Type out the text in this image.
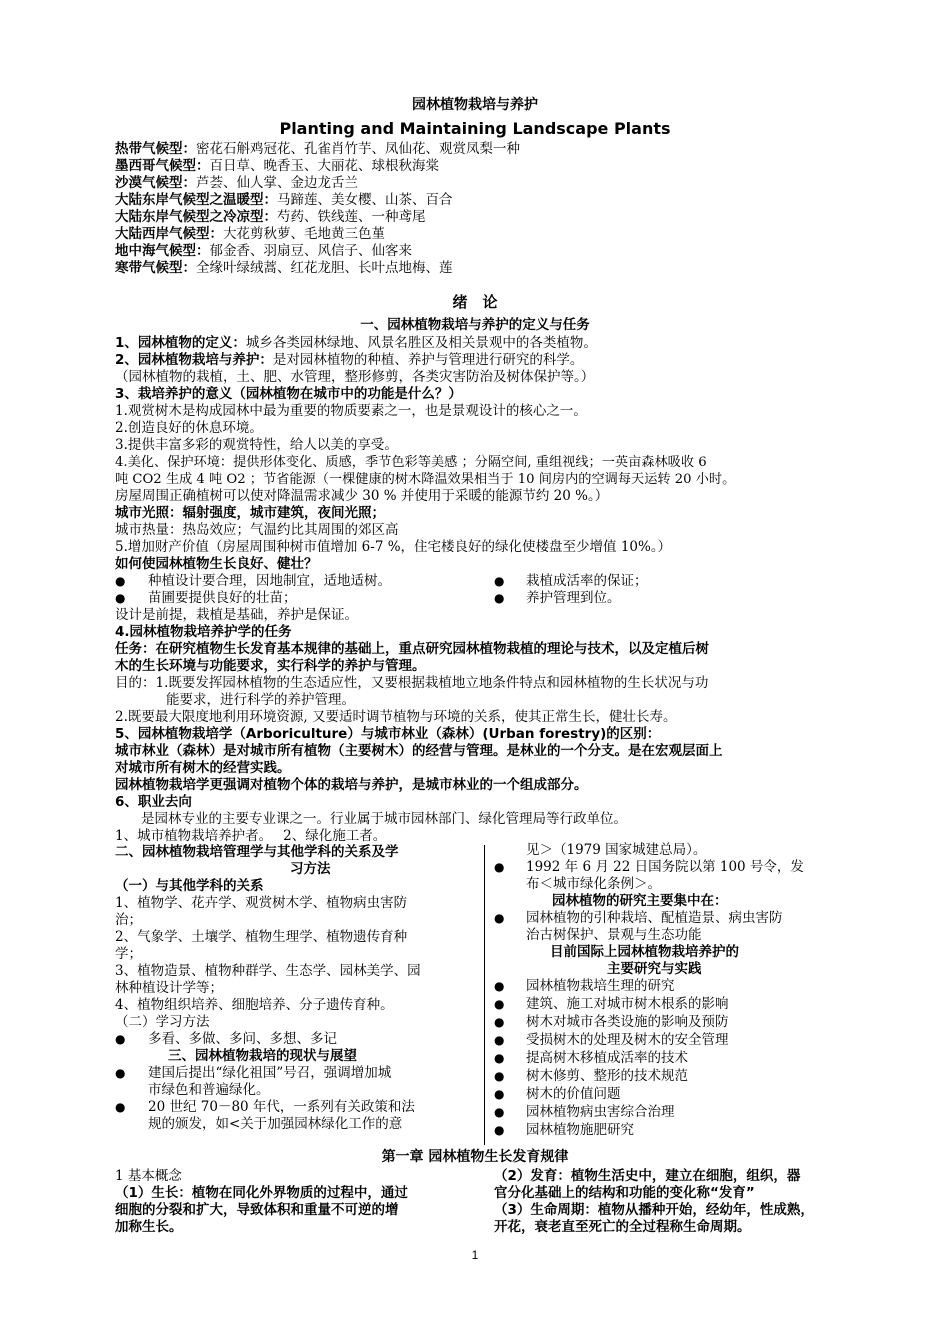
园林植物栽培与养护
Planting and Maintaining Landscape Plants
热带气候型：密花石斛鸡冠花、孔雀肖竹芋、凤仙花、观赏凤梨一种
墨西哥气候型：百日草、晚香玉、大丽花、球根秋海棠
沙漠气候型：芦荟、仙人掌、金边龙舌兰
大陆东岸气候型之温暖型：马蹄莲、美女樱、山茶、百合
大陆东岸气候型之冷凉型：芍药、铁线莲、一种鸢尾
大陆西岸气候型：大花剪秋萝、毛地黄三色堇
地中海气候型：郁金香、羽扇豆、风信子、仙客来
寒带气候型：全缘叶绿绒蒿、红花龙胆、长叶点地梅、莲
绪　论
一、园林植物栽培与养护的定义与任务
1、园林植物的定义：城乡各类园林绿地、风景名胜区及相关景观中的各类植物。
2、园林植物栽培与养护：是对园林植物的种植、养护与管理进行研究的科学。
（园林植物的栽植，土、肥、水管理，整形修剪，各类灾害防治及树体保护等。）
3、栽培养护的意义（园林植物在城市中的功能是什么？）
1.观赏树木是构成园林中最为重要的物质要素之一，也是景观设计的核心之一。
2.创造良好的休息环境。
3.提供丰富多彩的观赏特性，给人以美的享受。
4.美化、保护环境：提供形体变化、质感，季节色彩等美感 ；分隔空间, 重组视线；一英亩森林吸收 6
吨 CO2 生成 4 吨 O2 ；节省能源（一棵健康的树木降温效果相当于 10 间房内的空调每天运转 20 小时。
房屋周围正确植树可以使对降温需求减少 30 % 并使用于采暖的能源节约 20 %。）
城市光照：辐射强度，城市建筑，夜间光照；
城市热量：热岛效应；气温约比其周围的郊区高
5.增加财产价值（房屋周围种树市值增加 6-7 %，住宅楼良好的绿化使楼盘至少增值 10%。）
如何使园林植物生长良好、健壮？
● 种植设计要合理，因地制宜，适地适树。	● 栽植成活率的保证；
● 苗圃要提供良好的壮苗；	● 养护管理到位。
设计是前提，栽植是基础，养护是保证。
4.园林植物栽培养护学的任务
任务：在研究植物生长发育基本规律的基础上，重点研究园林植物栽植的理论与技术，以及定植后树
木的生长环境与功能要求，实行科学的养护与管理。
目的：1.既要发挥园林植物的生态适应性，又要根据栽植地立地条件特点和园林植物的生长状况与功
能要求，进行科学的养护管理。
2.既要最大限度地利用环境资源, 又要适时调节植物与环境的关系，使其正常生长，健壮长寿。
5、园林植物栽培学（Arboriculture）与城市林业（森林）(Urban forestry)的区别：
城市林业（森林）是对城市所有植物（主要树木）的经营与管理。是林业的一个分支。是在宏观层面上
对城市所有树木的经营实践。
园林植物栽培学更强调对植物个体的栽培与养护，是城市林业的一个组成部分。
6、职业去向
是园林专业的主要专业课之一。行业属于城市园林部门、绿化管理局等行政单位。
1、城市植物栽培养护者。　 2、绿化施工者。
二、园林植物栽培管理学与其他学科的关系及学
习方法
（一）与其他学科的关系
1、植物学、花卉学、观赏树木学、植物病虫害防
治；
2、气象学、土壤学、植物生理学、植物遗传育种
学；
3、植物造景、植物种群学、生态学、园林美学、园
林种植设计学等；
4、植物组织培养、细胞培养、分子遗传育种。
（二）学习方法
● 多看、多做、多问、多想、多记
三、园林植物栽培的现状与展望
● 建国后提出“绿化祖国”号召，强调增加城
市绿色和普遍绿化。
● 20 世纪 70－80 年代，一系列有关政策和法
规的颁发，如<关于加强园林绿化工作的意
见＞（1979 国家城建总局）。
● 1992 年 6 月 22 日国务院以第 100 号令，发
布＜城市绿化条例＞。
园林植物的研究主要集中在：
● 园林植物的引种栽培、配植造景、病虫害防
治古树保护、景观与生态功能
目前国际上园林植物栽培养护的
主要研究与实践
● 园林植物栽培生理的研究
● 建筑、施工对城市树木根系的影响
● 树木对城市各类设施的影响及预防
● 受损树木的处理及树木的安全管理
● 提高树木移植成活率的技术
● 树木修剪、整形的技术规范
● 树木的价值问题
● 园林植物病虫害综合治理
● 园林植物施肥研究
第一章 园林植物生长发育规律
1 基本概念
（1）生长：植物在同化外界物质的过程中，通过
细胞的分裂和扩大，导致体积和重量不可逆的增
加称生长。
（2）发育：植物生活史中，建立在细胞，组织，器
官分化基础上的结构和功能的变化称“发育”
（3）生命周期：植物从播种开始，经幼年，性成熟，
开花，衰老直至死亡的全过程称生命周期。
1
